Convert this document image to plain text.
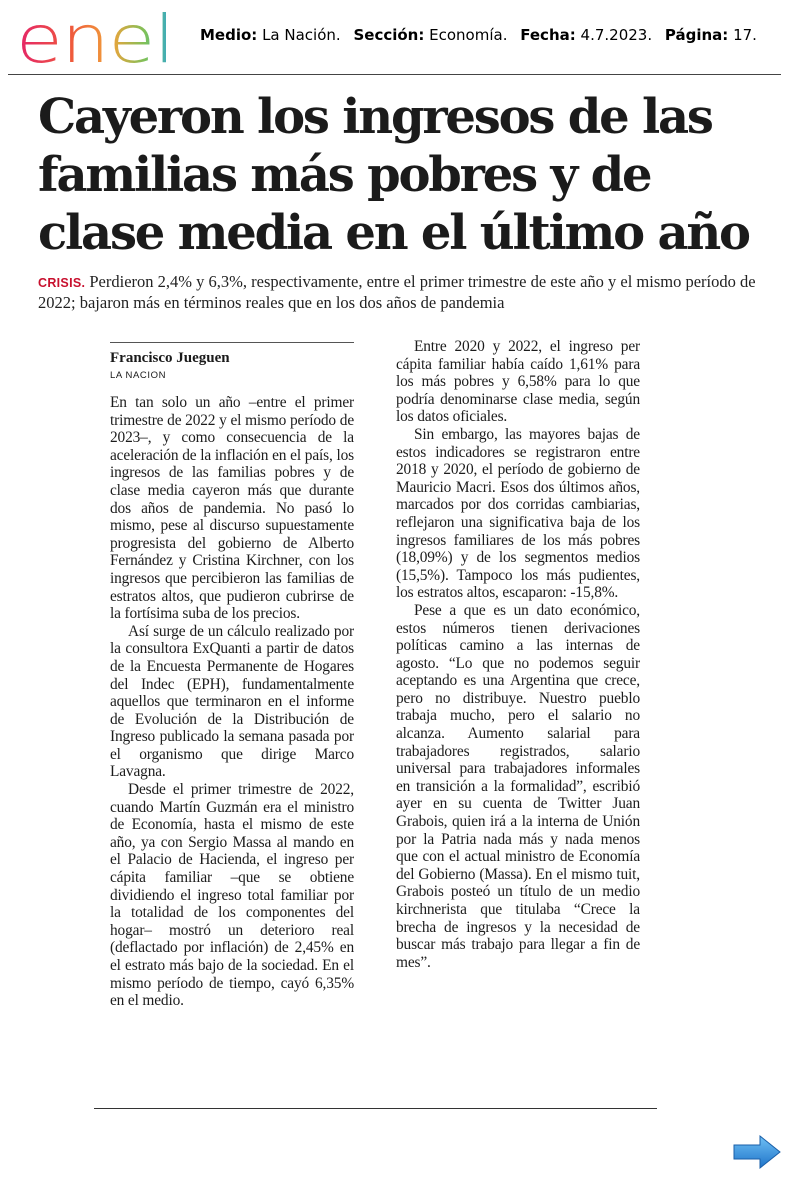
enel Medio: La Nación. Sección: Economía. Fecha: 4.7.2023. Página: 17.
Cayeron los ingresos de las familias más pobres y de clase media en el último año

CRISIS. Perdieron 2,4% y 6,3%, respectivamente, entre el primer trimestre de este año y el mismo período de 2022; bajaron más en términos reales que en los dos años de pandemia

Francisco Jueguen
LA NACION

En tan solo un año –entre el primer trimestre de 2022 y el mismo período de 2023–, y como consecuencia de la aceleración de la inflación en el país, los ingresos de las familias pobres y de clase media cayeron más que durante dos años de pandemia. No pasó lo mismo, pese al discurso supuestamente progresista del gobierno de Alberto Fernández y Cristina Kirchner, con los ingresos que percibieron las familias de estratos altos, que pudieron cubrirse de la fortísima suba de los precios.

Así surge de un cálculo realizado por la consultora ExQuanti a partir de datos de la Encuesta Permanente de Hogares del Indec (EPH), fundamentalmente aquellos que terminaron en el informe de Evolución de la Distribución de Ingreso publicado la semana pasada por el organismo que dirige Marco Lavagna.

Desde el primer trimestre de 2022, cuando Martín Guzmán era el ministro de Economía, hasta el mismo de este año, ya con Sergio Massa al mando en el Palacio de Hacienda, el ingreso per cápita familiar –que se obtiene dividiendo el ingreso total familiar por la totalidad de los componentes del hogar– mostró un deterioro real (deflactado por inflación) de 2,45% en el estrato más bajo de la sociedad. En el mismo período de tiempo, cayó 6,35% en el medio.

Entre 2020 y 2022, el ingreso per cápita familiar había caído 1,61% para los más pobres y 6,58% para lo que podría denominarse clase media, según los datos oficiales.

Sin embargo, las mayores bajas de estos indicadores se registraron entre 2018 y 2020, el período de gobierno de Mauricio Macri. Esos dos últimos años, marcados por dos corridas cambiarias, reflejaron una significativa baja de los ingresos familiares de los más pobres (18,09%) y de los segmentos medios (15,5%). Tampoco los más pudientes, los estratos altos, escaparon: -15,8%.

Pese a que es un dato económico, estos números tienen derivaciones políticas camino a las internas de agosto. “Lo que no podemos seguir aceptando es una Argentina que crece, pero no distribuye. Nuestro pueblo trabaja mucho, pero el salario no alcanza. Aumento salarial para trabajadores registrados, salario universal para trabajadores informales en transición a la formalidad”, escribió ayer en su cuenta de Twitter Juan Grabois, quien irá a la interna de Unión por la Patria nada más y nada menos que con el actual ministro de Economía del Gobierno (Massa). En el mismo tuit, Grabois posteó un título de un medio kirchnerista que titulaba “Crece la brecha de ingresos y la necesidad de buscar más trabajo para llegar a fin de mes”.
